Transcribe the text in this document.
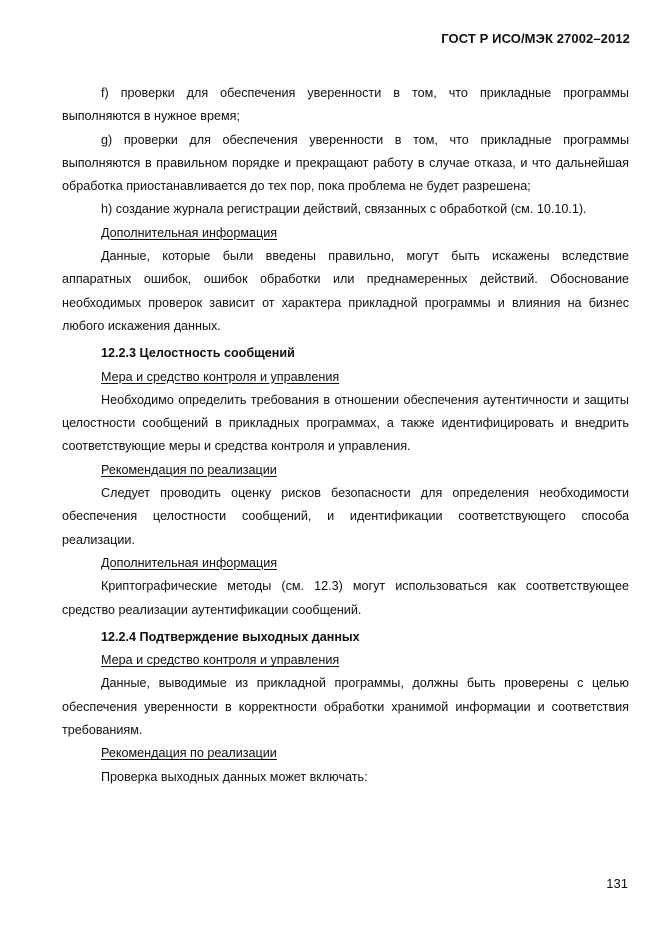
ГОСТ Р ИСО/МЭК 27002–2012

f) проверки для обеспечения уверенности в том, что прикладные программы выполняются в нужное время;

g) проверки для обеспечения уверенности в том, что прикладные программы выполняются в правильном порядке и прекращают работу в случае отказа, и что дальнейшая обработка приостанавливается до тех пор, пока проблема не будет разрешена;

h) создание журнала регистрации действий, связанных с обработкой (см. 10.10.1).

Дополнительная информация

Данные, которые были введены правильно, могут быть искажены вследствие аппаратных ошибок, ошибок обработки или преднамеренных действий. Обоснование необходимых проверок зависит от характера прикладной программы и влияния на бизнес любого искажения данных.

12.2.3 Целостность сообщений

Мера и средство контроля и управления

Необходимо определить требования в отношении обеспечения аутентичности и защиты целостности сообщений в прикладных программах, а также идентифицировать и внедрить соответствующие меры и средства контроля и управления.

Рекомендация по реализации

Следует проводить оценку рисков безопасности для определения необходимости обеспечения целостности сообщений, и идентификации соответствующего способа реализации.

Дополнительная информация

Криптографические методы (см. 12.3) могут использоваться как соответствующее средство реализации аутентификации сообщений.

12.2.4 Подтверждение выходных данных

Мера и средство контроля и управления

Данные, выводимые из прикладной программы, должны быть проверены с целью обеспечения уверенности в корректности обработки хранимой информации и соответствия требованиям.

Рекомендация по реализации

Проверка выходных данных может включать:

131
